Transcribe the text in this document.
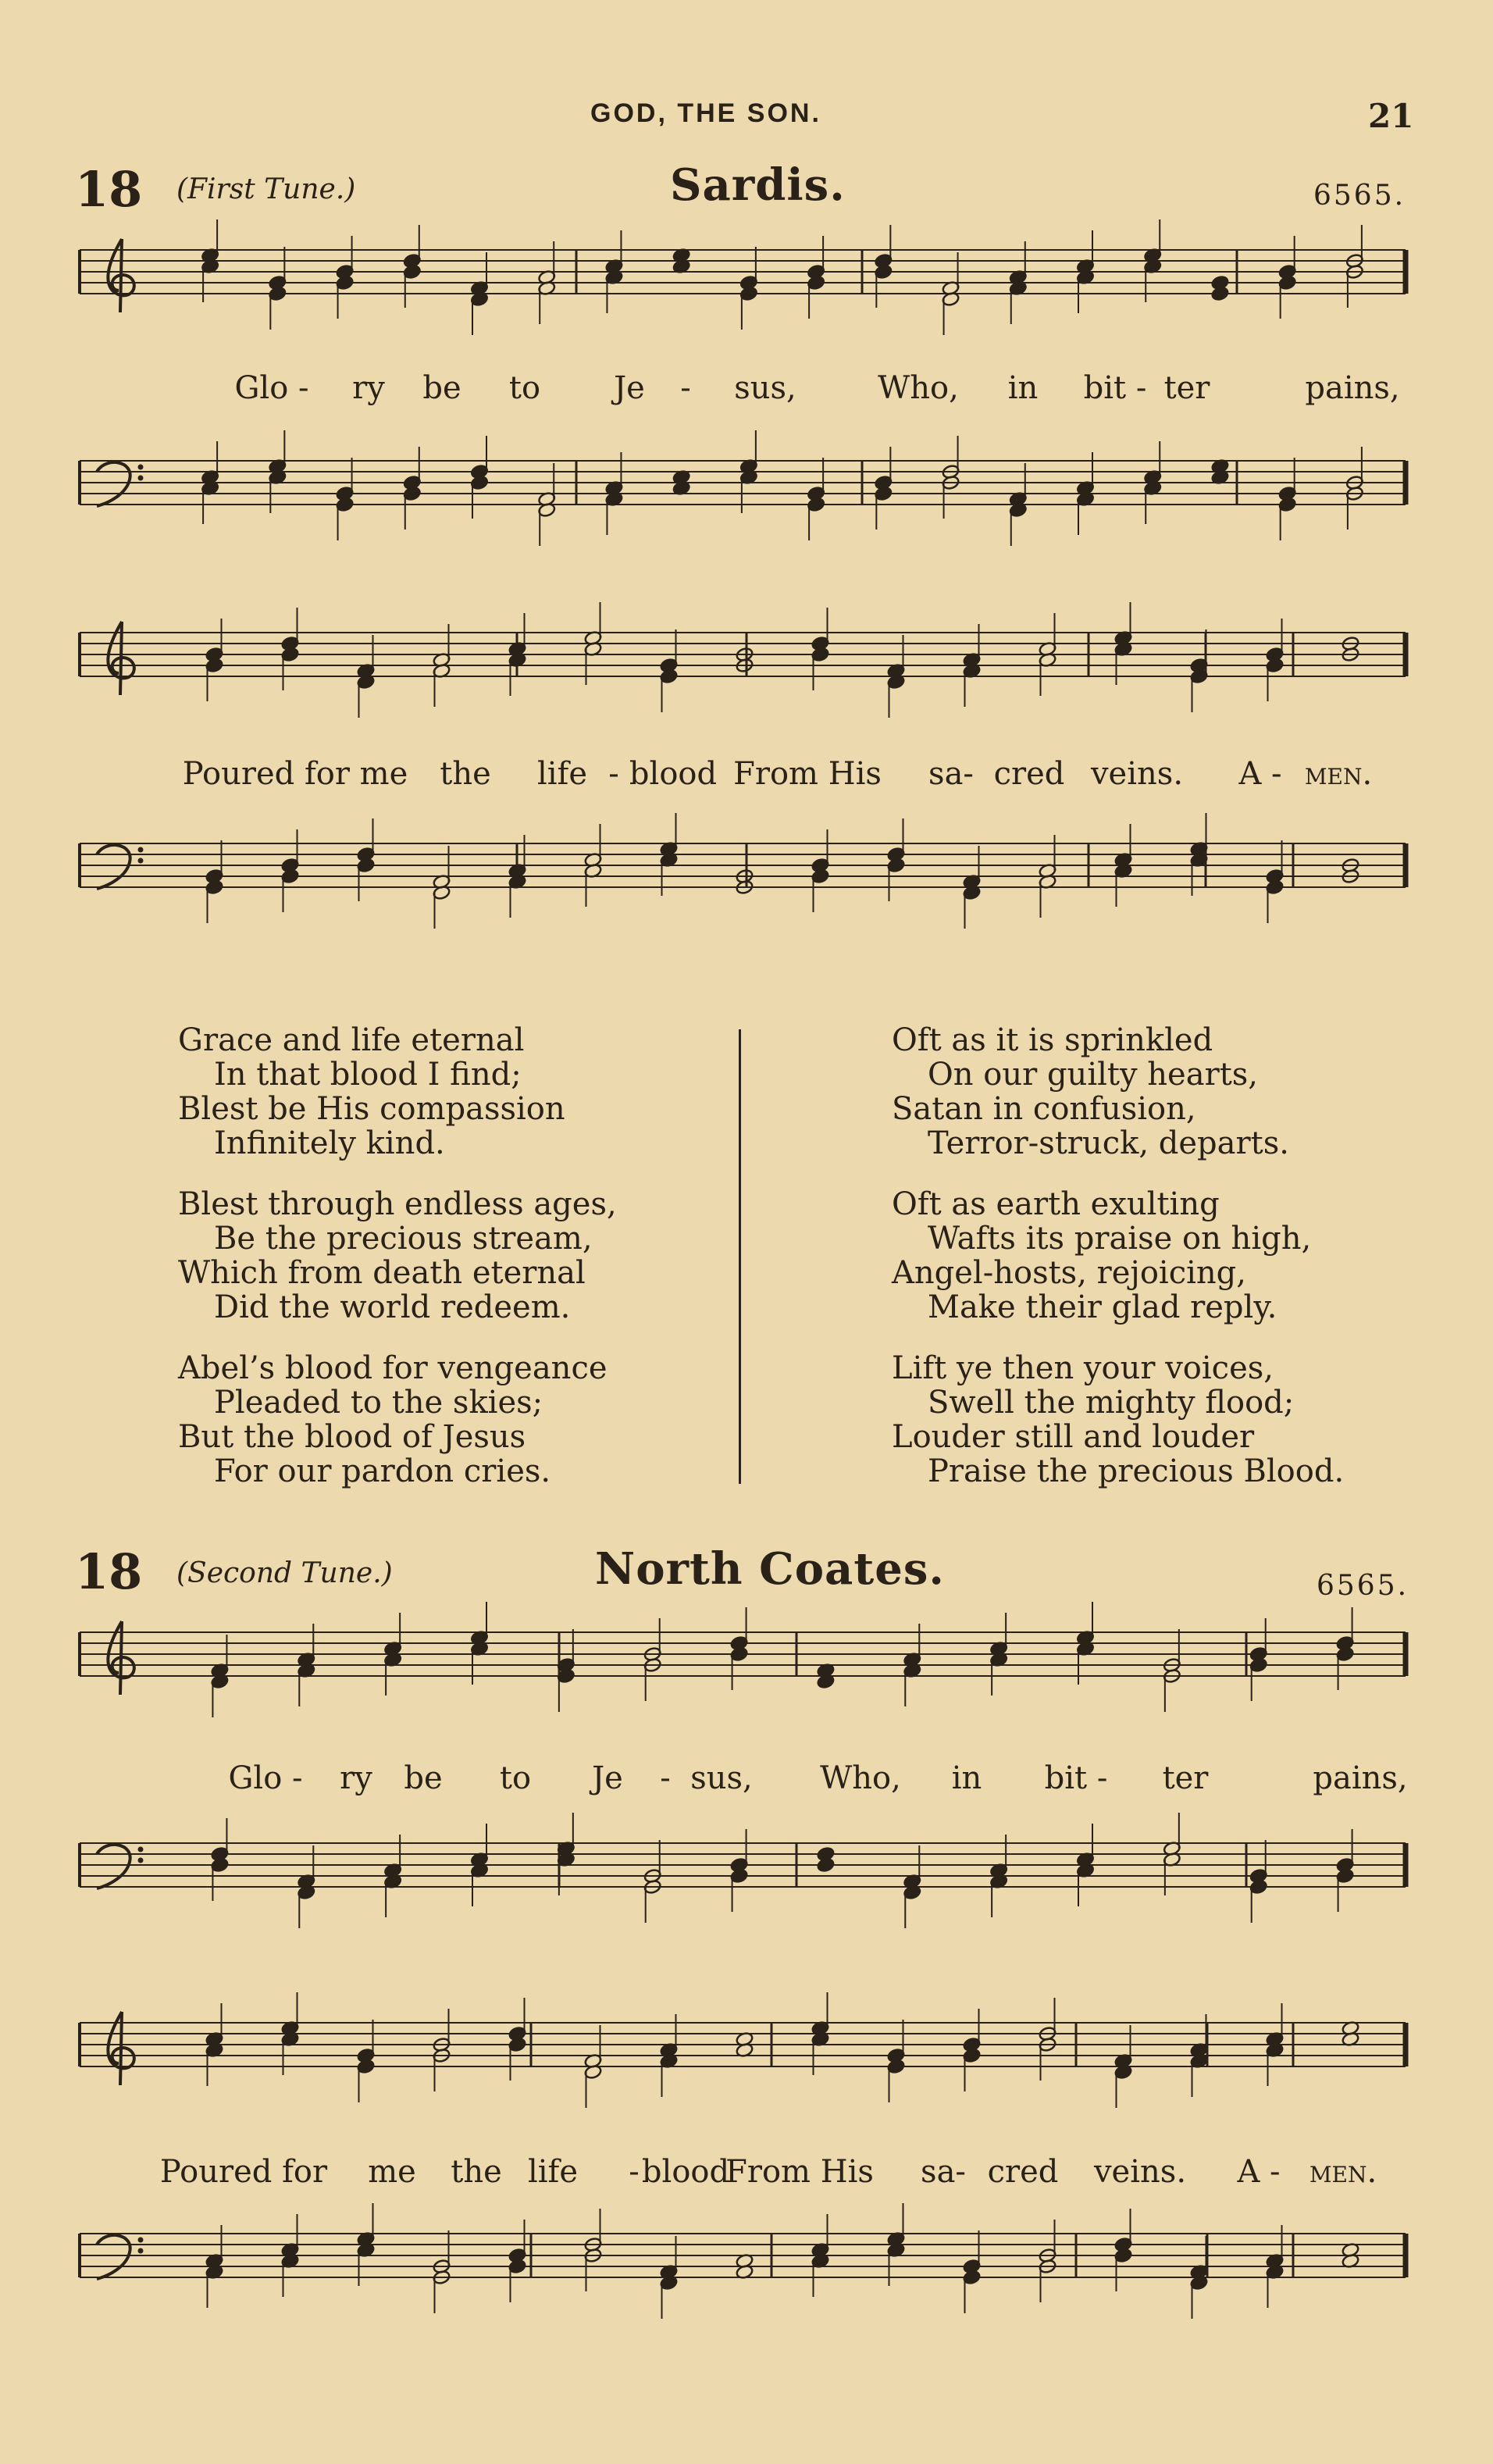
GOD, THE SON.	21
18 (First Tune.)	Sardis.	6565.
Glo - ry be to Je - sus,	Who, in bit - ter	pains,
Poured for me the life - blood From His sa- cred veins. A - men.
Grace and life eternal
In that blood I find;
Blest be His compassion
Infinitely kind.
Blest through endless ages,
Be the precious stream,
Which from death eternal
Did the world redeem.
Abel’s blood for vengeance
Pleaded to the skies;
But the blood of Jesus
For our pardon cries.
Oft as it is sprinkled
On our guilty hearts,
Satan in confusion,
Terror-struck, departs.
Oft as earth exulting
Wafts its praise on high,
Angel-hosts, rejoicing,
Make their glad reply.
Lift ye then your voices,
Swell the mighty flood;
Louder still and louder
Praise the precious Blood.
18 (Second Tune.)	North Coates.	6565.
Glo - ry be to Je - sus, Who, in bit - ter	pains,
Poured for me the life - blood
From His sa- cred veins. A - men.
